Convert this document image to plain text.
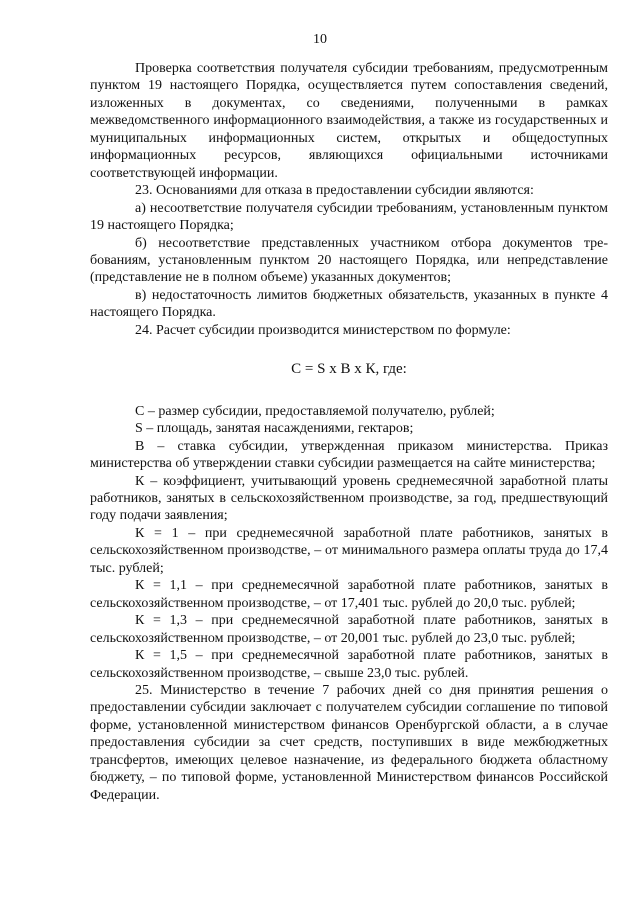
10

Проверка соответствия получателя субсидии требованиям, предусмотренным пунктом 19 настоящего Порядка, осуществляется путем сопоставления сведений, изложенных в документах, со сведениями, полученными в рамках межведомственного информационного взаимодействия, а также из государственных и муниципальных информационных систем, открытых и общедоступных информационных ресурсов, являющихся официальными источниками соответствующей информации.

23. Основаниями для отказа в предоставлении субсидии являются:

а) несоответствие получателя субсидии требованиям, установленным пунктом 19 настоящего Порядка;

б) несоответствие представленных участником отбора документов требованиям, установленным пунктом 20 настоящего Порядка, или непредставление (представление не в полном объеме) указанных документов;

в) недостаточность лимитов бюджетных обязательств, указанных в пункте 4 настоящего Порядка.

24. Расчет субсидии производится министерством по формуле:

С = S x В x К, где:

С – размер субсидии, предоставляемой получателю, рублей;

S – площадь, занятая насаждениями, гектаров;

В – ставка субсидии, утвержденная приказом министерства. Приказ министерства об утверждении ставки субсидии размещается на сайте министерства;

К – коэффициент, учитывающий уровень среднемесячной заработной платы работников, занятых в сельскохозяйственном производстве, за год, предшествующий году подачи заявления;

К = 1 – при среднемесячной заработной плате работников, занятых в сельскохозяйственном производстве, – от минимального размера оплаты труда до 17,4 тыс. рублей;

К = 1,1 – при среднемесячной заработной плате работников, занятых в сельскохозяйственном производстве, – от 17,401 тыс. рублей до 20,0 тыс. рублей;

К = 1,3 – при среднемесячной заработной плате работников, занятых в сельскохозяйственном производстве, – от 20,001 тыс. рублей до 23,0 тыс. рублей;

К = 1,5 – при среднемесячной заработной плате работников, занятых в сельскохозяйственном производстве, – свыше 23,0 тыс. рублей.

25. Министерство в течение 7 рабочих дней со дня принятия решения о предоставлении субсидии заключает с получателем субсидии соглашение по типовой форме, установленной министерством финансов Оренбургской области, а в случае предоставления субсидии за счет средств, поступивших в виде межбюджетных трансфертов, имеющих целевое назначение, из федерального бюджета областному бюджету, – по типовой форме, установленной Министерством финансов Российской Федерации.
